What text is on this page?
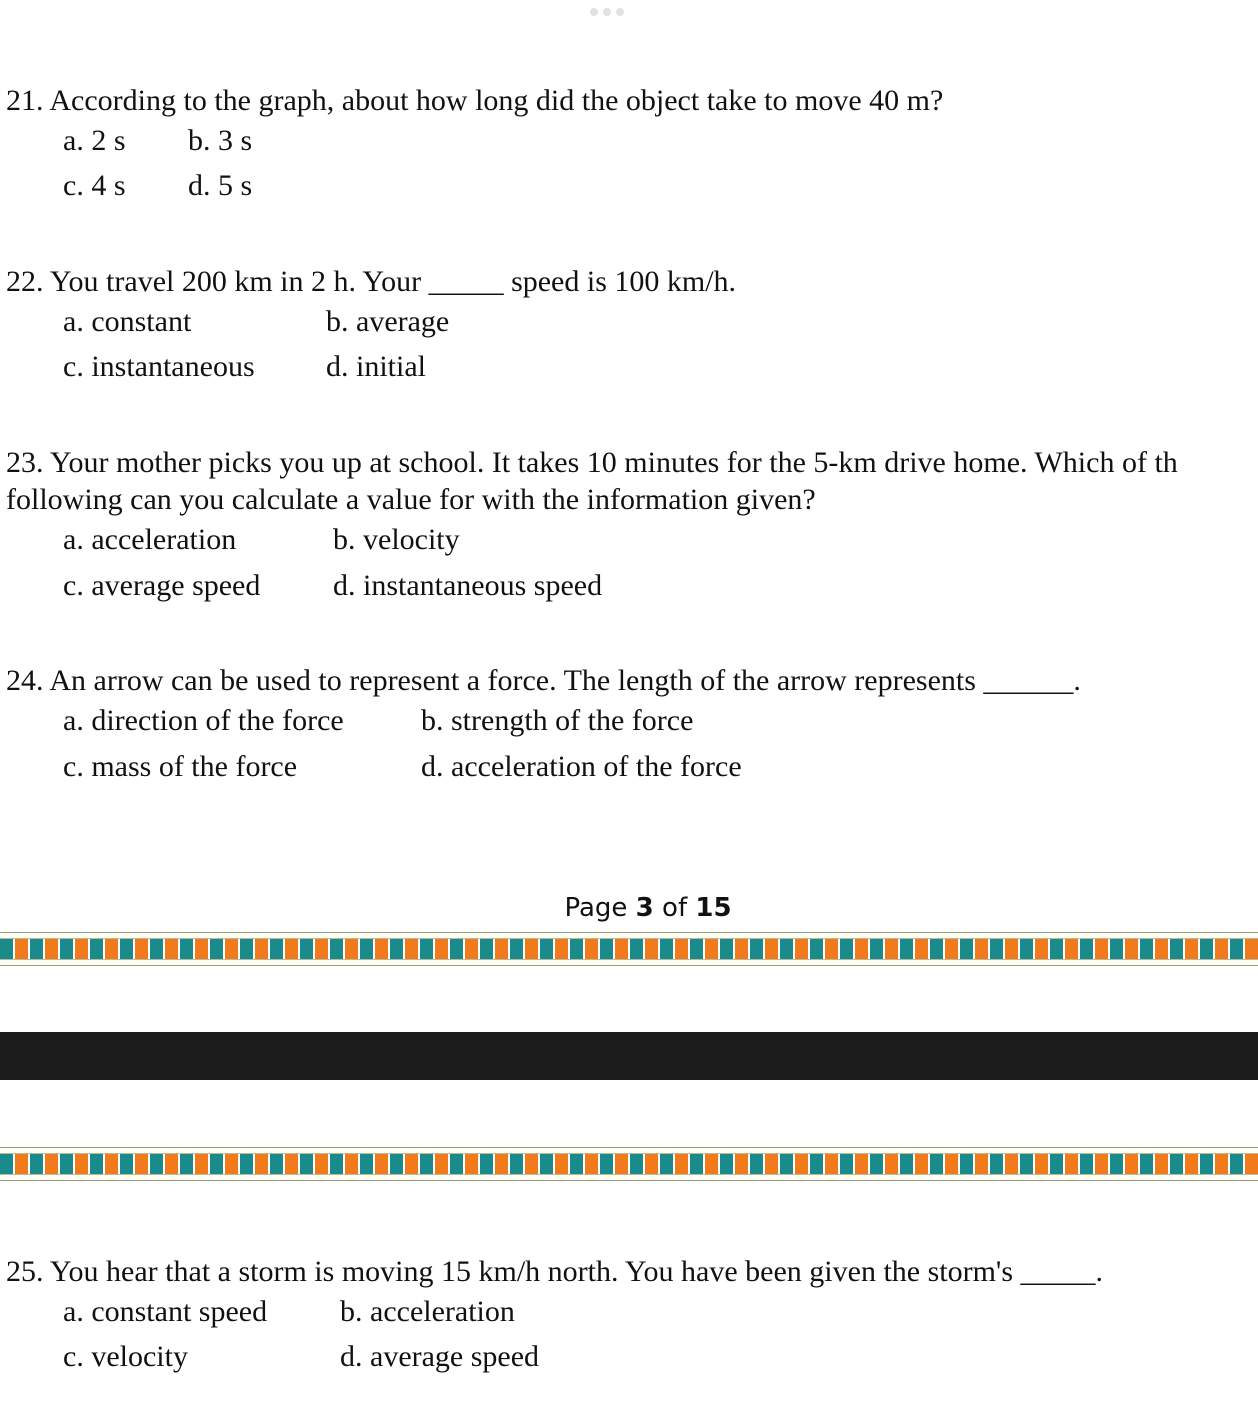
21. According to the graph, about how long did the object take to move 40 m?
a. 2 s b. 3 s
c. 4 s d. 5 s
22. You travel 200 km in 2 h. Your _____ speed is 100 km/h.
a. constant	b. average
c. instantaneous d. initial
23. Your mother picks you up at school. It takes 10 minutes for the 5-km drive home. Which of th
following can you calculate a value for with the information given?
a. acceleration	b. velocity
c. average speed d. instantaneous speed
24. An arrow can be used to represent a force. The length of the arrow represents ______.
a. direction of the force	b. strength of the force
c. mass of the force	d. acceleration of the force
Page 3 of 15
25. You hear that a storm is moving 15 km/h north. You have been given the storm's _____.
a. constant speed b. acceleration
c. velocity	d. average speed
